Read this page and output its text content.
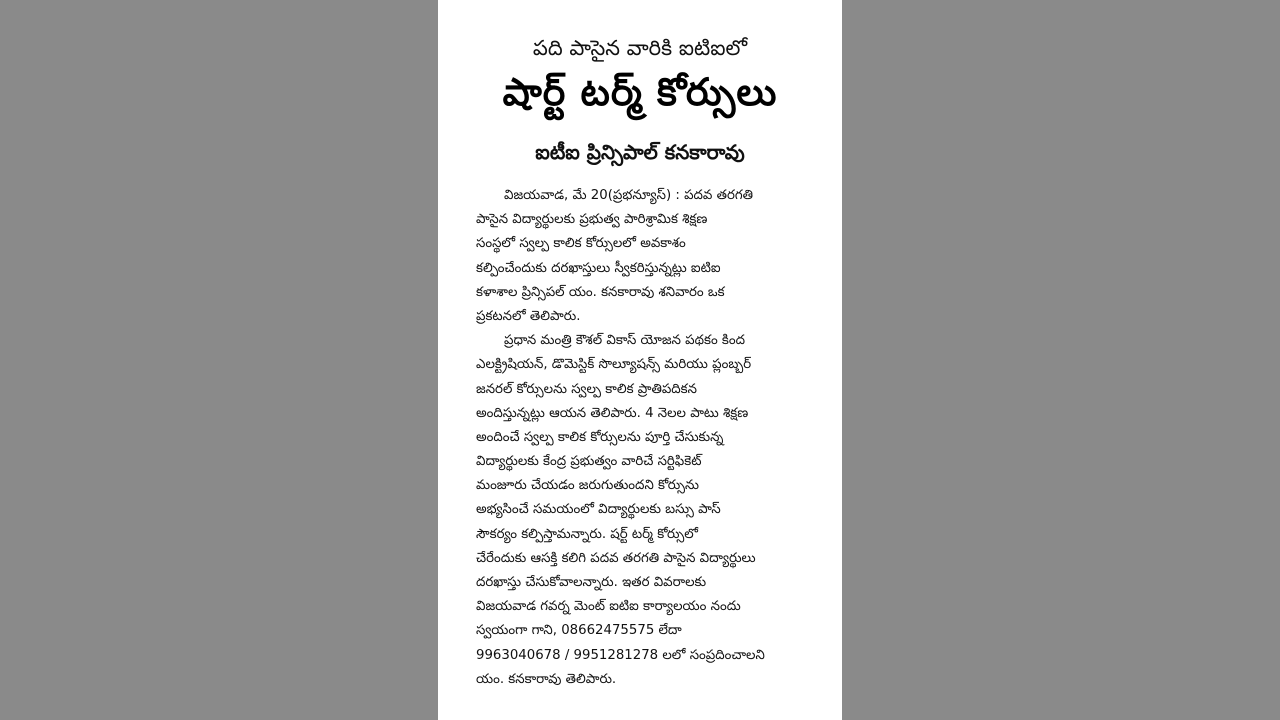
పది పాసైన వారికి ఐటిఐలో
షార్ట్ టర్మ్ కోర్సులు
ఐటీఐ ప్రిన్సిపాల్ కనకారావు
విజయవాడ, మే 20(ప్రభన్యూస్) : పదవ తరగతి
పాసైన విద్యార్థులకు ప్రభుత్వ పారిశ్రామిక శిక్షణ
సంస్థలో స్వల్ప కాలిక కోర్సులలో అవకాశం
కల్పించేందుకు దరఖాస్తులు స్వీకరిస్తున్నట్లు ఐటిఐ
కళాశాల ప్రిన్సిపల్ యం. కనకారావు శనివారం ఒక
ప్రకటనలో తెలిపారు.
ప్రధాన మంత్రి కౌశల్ వికాస్ యోజన పథకం కింద
ఎలక్ట్రిషియన్, డొమెస్టిక్ సొల్యూషన్స్ మరియు ప్లంబ్బర్
జనరల్ కోర్సులను స్వల్ప కాలిక ప్రాతిపదికన
అందిస్తున్నట్లు ఆయన తెలిపారు. 4 నెలల పాటు శిక్షణ
అందించే స్వల్ప కాలిక కోర్సులను పూర్తి చేసుకున్న
విద్యార్థులకు కేంద్ర ప్రభుత్వం వారిచే సర్టిఫికెట్
మంజూరు చేయడం జరుగుతుందని కోర్సును
అభ్యసించే సమయంలో విద్యార్థులకు బస్సు పాస్
సౌకర్యం కల్పిస్తామన్నారు. షర్ట్ టర్మ్ కోర్సులో
చేరేందుకు ఆసక్తి కలిగి పదవ తరగతి పాసైన విద్యార్థులు
దరఖాస్తు చేసుకోవాలన్నారు. ఇతర వివరాలకు
విజయవాడ గవర్న మెంట్ ఐటిఐ కార్యాలయం నందు
స్వయంగా గాని, 08662475575 లేదా
9963040678 / 9951281278 లలో సంప్రదించాలని
యం. కనకారావు తెలిపారు.
